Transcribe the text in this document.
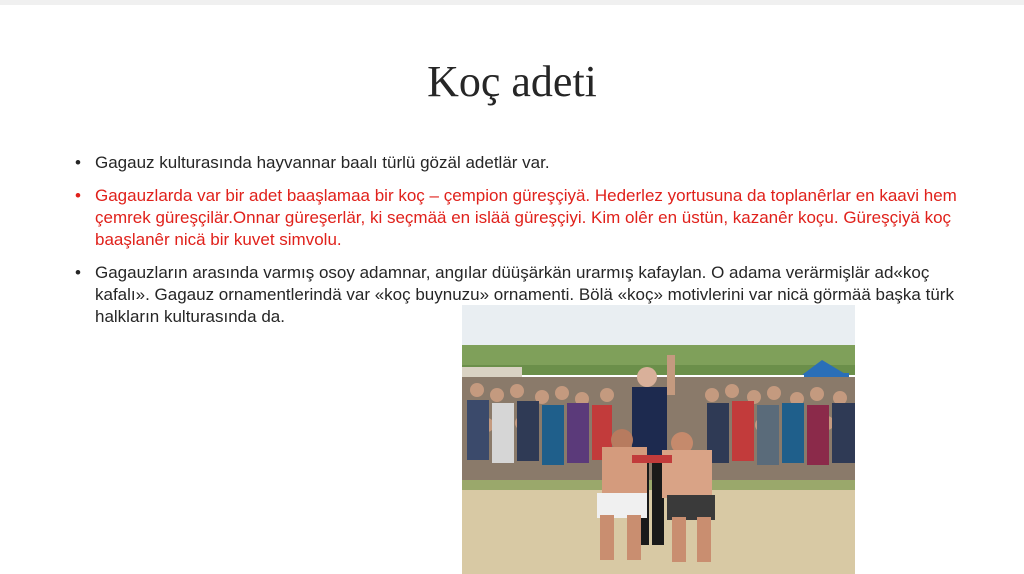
Koç adeti
• Gagauz kulturasında hayvannar baalı türlü gözäl adetlär var.
• Gagauzlarda var bir adet baaşlamaa bir koç – çempion güreşçiyä. Hederlez yortusuna da toplanêrlar en kaavi hem çemrek güreşçilär.Onnar güreşerlär, ki seçmää en islää güreşçiyi. Kim olêr en üstün, kazanêr koçu. Güreşçiyä koç baaşlanêr nicä bir kuvet simvolu.
• Gagauzların arasında varmış osoy adamnar, angılar düüşärkän urarmış kafaylan. O adama verärmişlär ad«koç kafalı». Gagauz ornamentlerindä var «koç buynuzu» ornamenti. Bölä «koç» motivlerini var nicä görmää başka türk halkların kulturasında da.
